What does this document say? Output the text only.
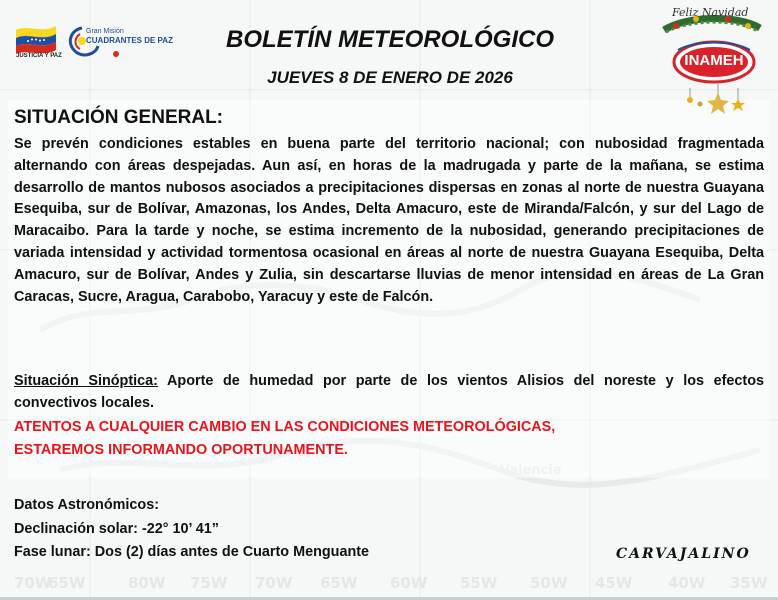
70W
65W	80W 75W 70W 65W 60W 55W 50W 45W 40W 35W
Valencia
JUSTICIA Y PAZ
Gran Misión
CUADRANTES DE PAZ	BOLETÍN METEOROLÓGICO
JUEVES 8 DE ENERO DE 2026
Feliz Navidad
INAMEH
SITUACIÓN GENERAL:
Se prevén condiciones estables en buena parte del territorio nacional; con nubosidad fragmentada alternando con áreas despejadas. Aun así, en horas de la madrugada y parte de la mañana, se estima desarrollo de mantos nubosos asociados a precipitaciones dispersas en zonas al norte de nuestra Guayana Esequiba, sur de Bolívar, Amazonas, los Andes, Delta Amacuro, este de Miranda/Falcón, y sur del Lago de Maracaibo. Para la tarde y noche, se estima incremento de la nubosidad, generando precipitaciones de variada intensidad y actividad tormentosa ocasional en áreas al norte de nuestra Guayana Esequiba, Delta Amacuro, sur de Bolívar, Andes y Zulia, sin descartarse lluvias de menor intensidad en áreas de La Gran Caracas, Sucre, Aragua, Carabobo, Yaracuy y este de Falcón.
Situación Sinóptica: Aporte de humedad por parte de los vientos Alisios del noreste y los efectos convectivos locales.
ATENTOS A CUALQUIER CAMBIO EN LAS CONDICIONES METEOROLÓGICAS,
ESTAREMOS INFORMANDO OPORTUNAMENTE.
Datos Astronómicos:
Declinación solar: -22° 10’ 41”
Fase lunar: Dos (2) días antes de Cuarto Menguante	CARVAJALINO
